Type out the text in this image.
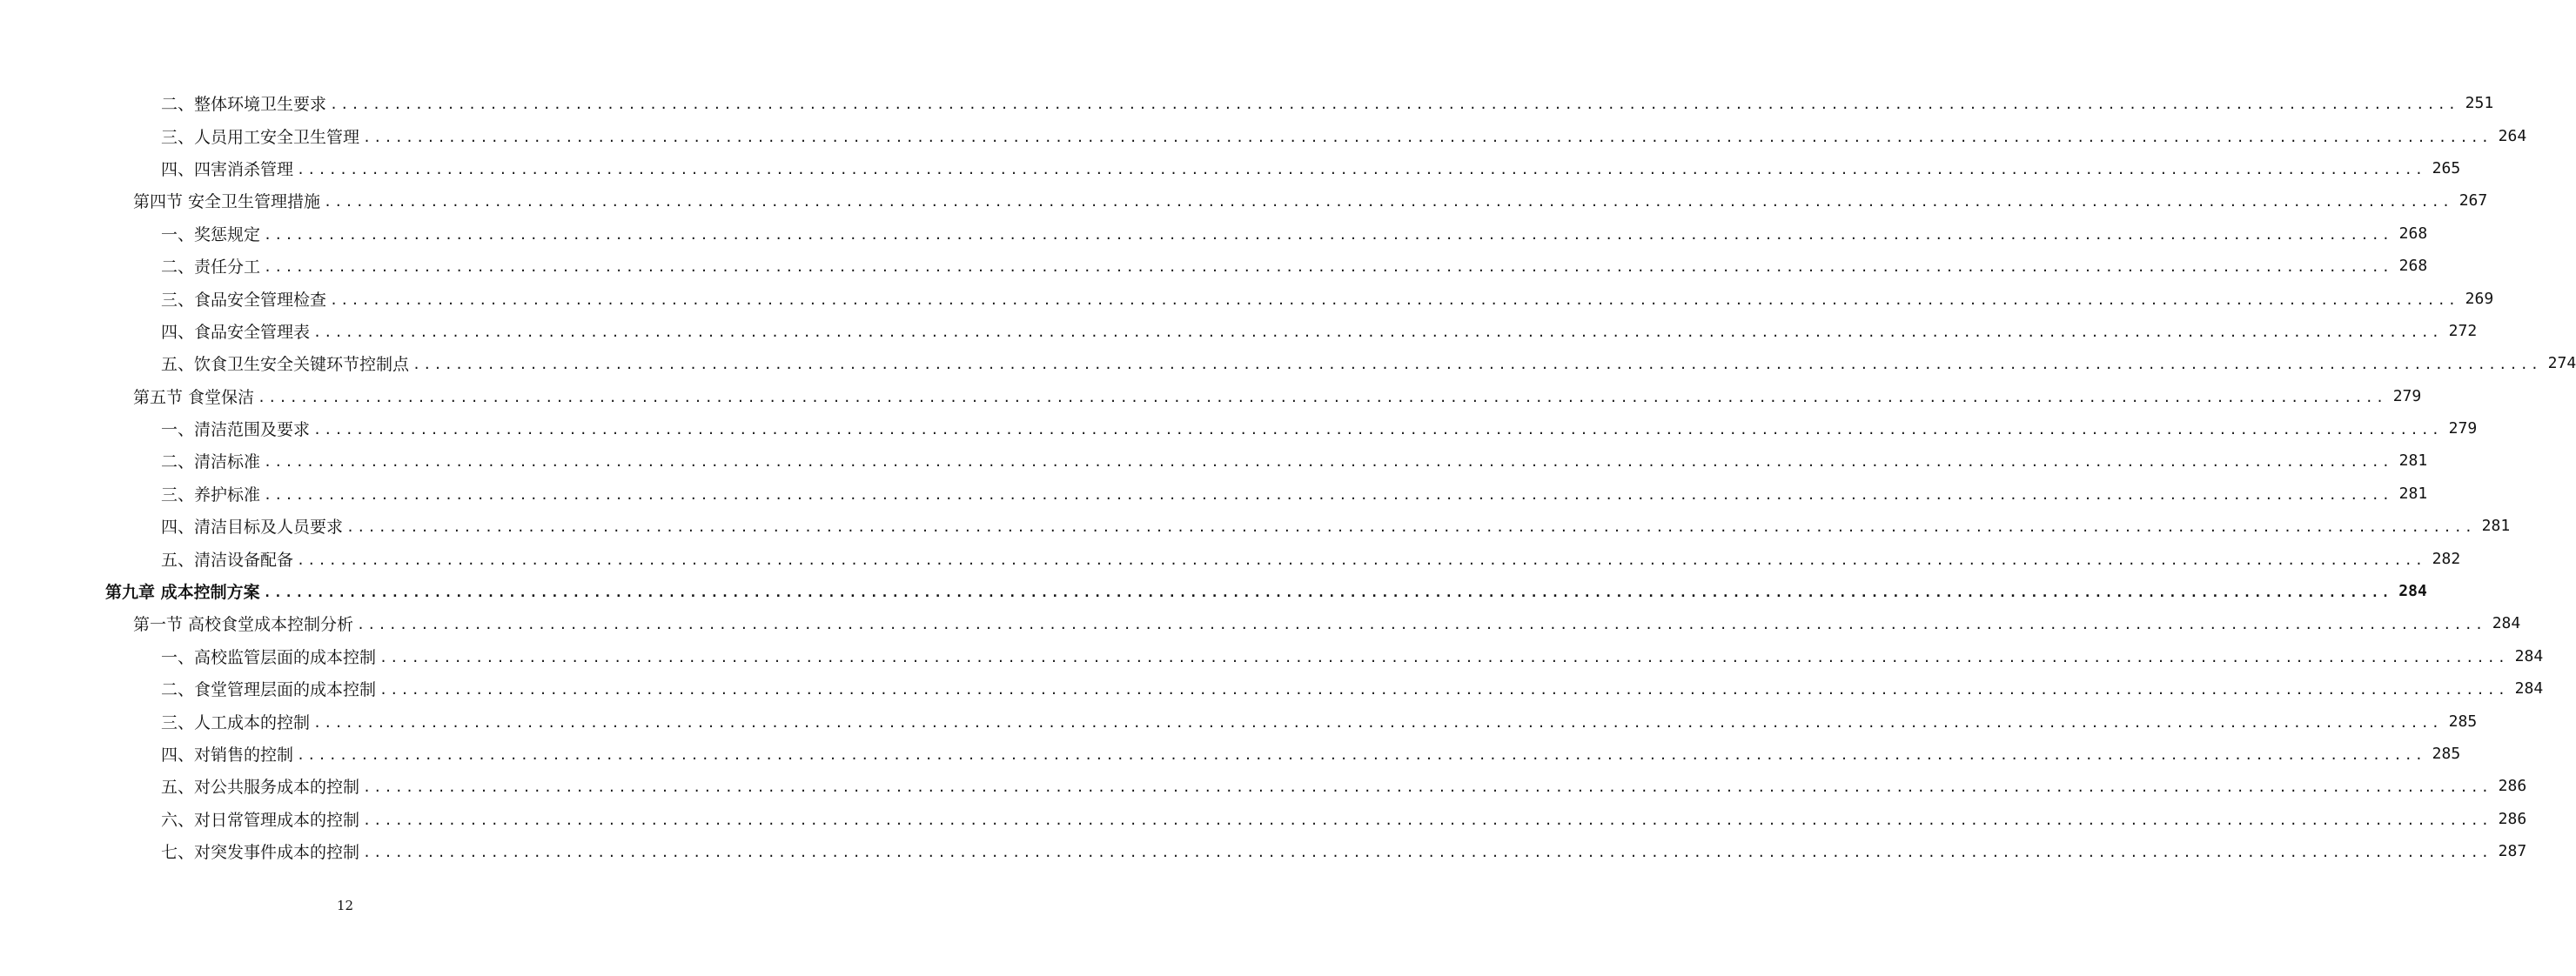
二、整体环境卫生要求 ........................................................................................................................................................................................................ 251
三、人员用工安全卫生管理 ........................................................................................................................................................................................................ 264
四、四害消杀管理 ........................................................................................................................................................................................................ 265
第四节 安全卫生管理措施 ........................................................................................................................................................................................................ 267
一、奖惩规定 ........................................................................................................................................................................................................ 268
二、责任分工 ........................................................................................................................................................................................................ 268
三、食品安全管理检查 ........................................................................................................................................................................................................ 269
四、食品安全管理表 ........................................................................................................................................................................................................ 272
五、饮食卫生安全关键环节控制点 ........................................................................................................................................................................................................ 274
第五节 食堂保洁 ........................................................................................................................................................................................................ 279
一、清洁范围及要求 ........................................................................................................................................................................................................ 279
二、清洁标准 ........................................................................................................................................................................................................ 281
三、养护标准 ........................................................................................................................................................................................................ 281
四、清洁目标及人员要求 ........................................................................................................................................................................................................ 281
五、清洁设备配备 ........................................................................................................................................................................................................ 282
第九章 成本控制方案 ........................................................................................................................................................................................................ 284
第一节 高校食堂成本控制分析 ........................................................................................................................................................................................................ 284
一、高校监管层面的成本控制 ........................................................................................................................................................................................................ 284
二、食堂管理层面的成本控制 ........................................................................................................................................................................................................ 284
三、人工成本的控制 ........................................................................................................................................................................................................ 285
四、对销售的控制 ........................................................................................................................................................................................................ 285
五、对公共服务成本的控制 ........................................................................................................................................................................................................ 286
六、对日常管理成本的控制 ........................................................................................................................................................................................................ 286
七、对突发事件成本的控制 ........................................................................................................................................................................................................ 287
12
